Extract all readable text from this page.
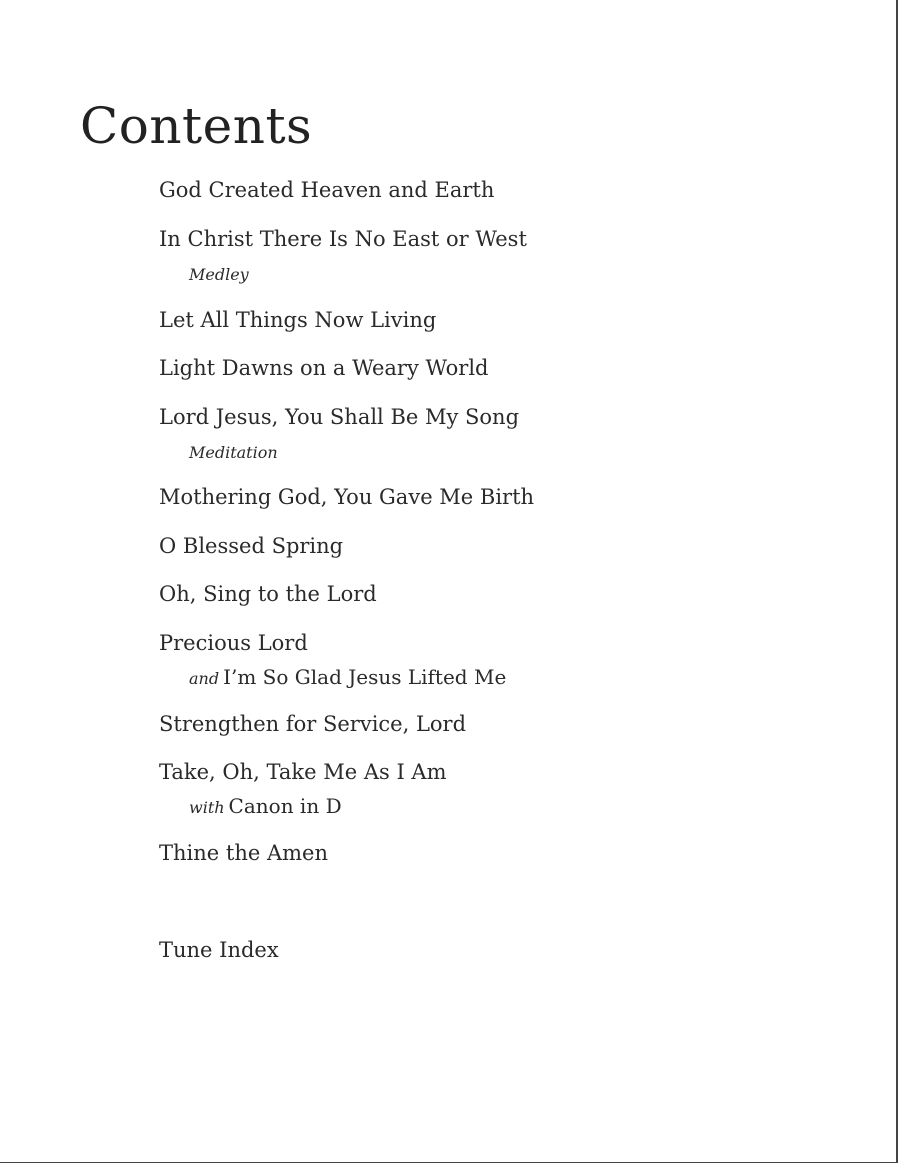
Contents
God Created Heaven and Earth
In Christ There Is No East or West
Medley
Let All Things Now Living
Light Dawns on a Weary World
Lord Jesus, You Shall Be My Song
Meditation
Mothering God, You Gave Me Birth
O Blessed Spring
Oh, Sing to the Lord
Precious Lord
and I’m So Glad Jesus Lifted Me
Strengthen for Service, Lord
Take, Oh, Take Me As I Am
with Canon in D
Thine the Amen
Tune Index
